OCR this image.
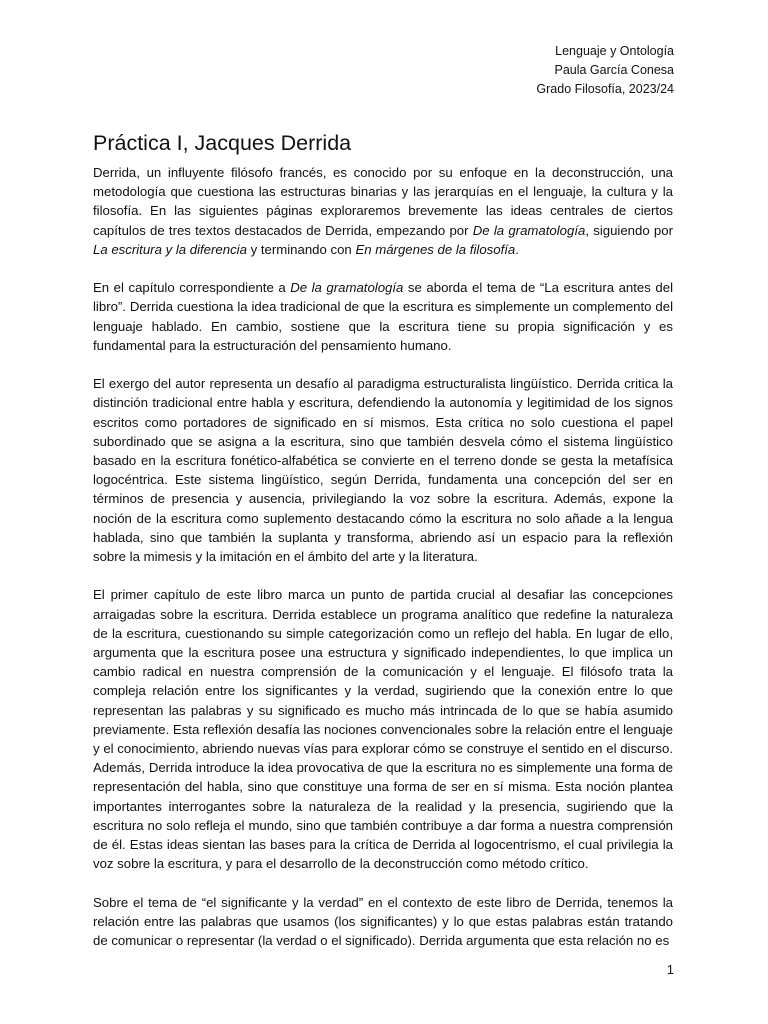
Lenguaje y Ontología
Paula García Conesa
Grado Filosofía, 2023/24
Práctica I, Jacques Derrida

Derrida, un influyente filósofo francés, es conocido por su enfoque en la deconstrucción, una metodología que cuestiona las estructuras binarias y las jerarquías en el lenguaje, la cultura y la filosofía. En las siguientes páginas exploraremos brevemente las ideas centrales de ciertos capítulos de tres textos destacados de Derrida, empezando por De la gramatología, siguiendo por La escritura y la diferencia y terminando con En márgenes de la filosofía.

En el capítulo correspondiente a De la gramatología se aborda el tema de “La escritura antes del libro”. Derrida cuestiona la idea tradicional de que la escritura es simplemente un complemento del lenguaje hablado. En cambio, sostiene que la escritura tiene su propia significación y es fundamental para la estructuración del pensamiento humano.

El exergo del autor representa un desafío al paradigma estructuralista lingüístico. Derrida critica la distinción tradicional entre habla y escritura, defendiendo la autonomía y legitimidad de los signos escritos como portadores de significado en sí mismos. Esta crítica no solo cuestiona el papel subordinado que se asigna a la escritura, sino que también desvela cómo el sistema lingüístico basado en la escritura fonético-alfabética se convierte en el terreno donde se gesta la metafísica logocéntrica. Este sistema lingüístico, según Derrida, fundamenta una concepción del ser en términos de presencia y ausencia, privilegiando la voz sobre la escritura. Además, expone la noción de la escritura como suplemento destacando cómo la escritura no solo añade a la lengua hablada, sino que también la suplanta y transforma, abriendo así un espacio para la reflexión sobre la mimesis y la imitación en el ámbito del arte y la literatura.

El primer capítulo de este libro marca un punto de partida crucial al desafiar las concepciones arraigadas sobre la escritura. Derrida establece un programa analítico que redefine la naturaleza de la escritura, cuestionando su simple categorización como un reflejo del habla. En lugar de ello, argumenta que la escritura posee una estructura y significado independientes, lo que implica un cambio radical en nuestra comprensión de la comunicación y el lenguaje. El filósofo trata la compleja relación entre los significantes y la verdad, sugiriendo que la conexión entre lo que representan las palabras y su significado es mucho más intrincada de lo que se había asumido previamente. Esta reflexión desafía las nociones convencionales sobre la relación entre el lenguaje y el conocimiento, abriendo nuevas vías para explorar cómo se construye el sentido en el discurso. Además, Derrida introduce la idea provocativa de que la escritura no es simplemente una forma de representación del habla, sino que constituye una forma de ser en sí misma. Esta noción plantea importantes interrogantes sobre la naturaleza de la realidad y la presencia, sugiriendo que la escritura no solo refleja el mundo, sino que también contribuye a dar forma a nuestra comprensión de él. Estas ideas sientan las bases para la crítica de Derrida al logocentrismo, el cual privilegia la voz sobre la escritura, y para el desarrollo de la deconstrucción como método crítico.

Sobre el tema de “el significante y la verdad” en el contexto de este libro de Derrida, tenemos la relación entre las palabras que usamos (los significantes) y lo que estas palabras están tratando de comunicar o representar (la verdad o el significado). Derrida argumenta que esta relación no es

1
